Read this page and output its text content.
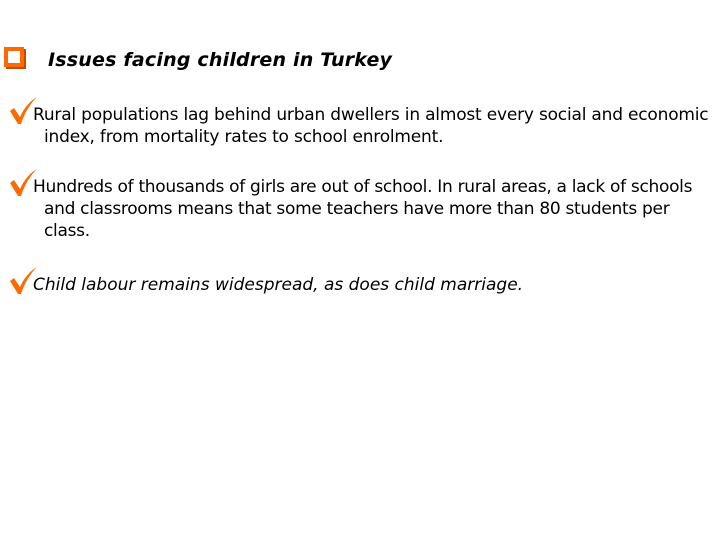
Issues facing children in Turkey

Rural populations lag behind urban dwellers in almost every social and economic index, from mortality rates to school enrolment.

Hundreds of thousands of girls are out of school. In rural areas, a lack of schools and classrooms means that some teachers have more than 80 students per class.

Child labour remains widespread, as does child marriage.
